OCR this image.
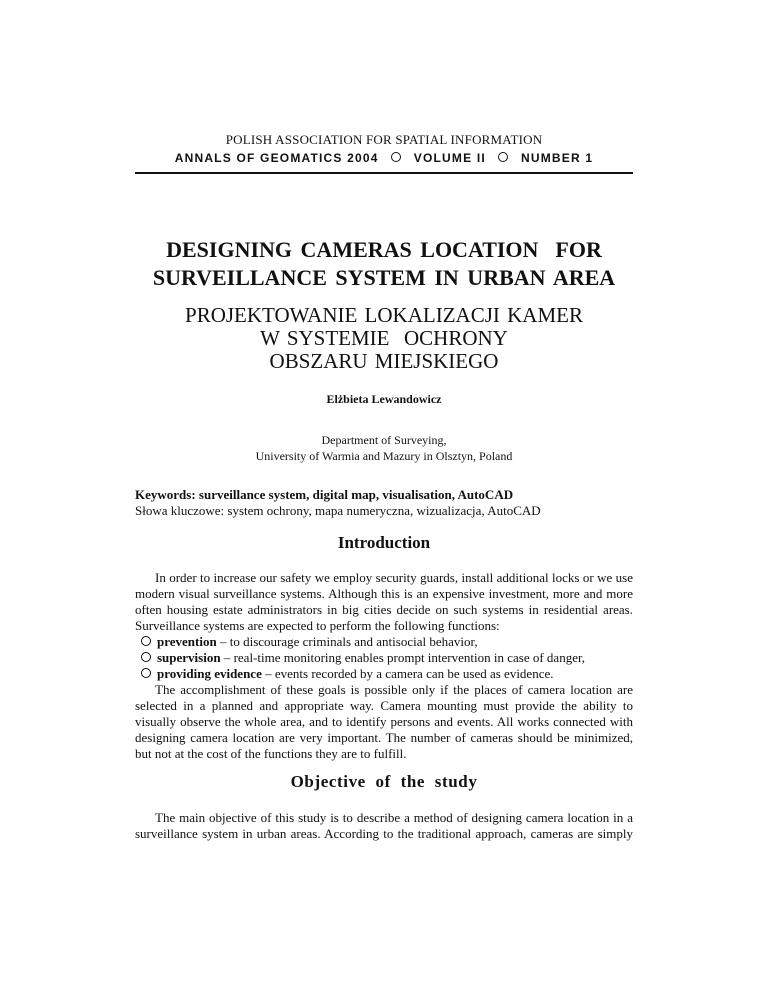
POLISH ASSOCIATION FOR SPATIAL INFORMATION
ANNALS OF GEOMATICS 2004	VOLUME II	NUMBER 1
DESIGNING CAMERAS LOCATION  FOR
SURVEILLANCE SYSTEM IN URBAN AREA
PROJEKTOWANIE LOKALIZACJI KAMER
W SYSTEMIE  OCHRONY
OBSZARU MIEJSKIEGO
Elżbieta Lewandowicz
Department of Surveying,
University of Warmia and Mazury in Olsztyn, Poland
Keywords: surveillance system, digital map, visualisation, AutoCAD
Słowa kluczowe: system ochrony, mapa numeryczna, wizualizacja, AutoCAD
Introduction
In order to increase our safety we employ security guards, install additional locks or we use
modern visual surveillance systems. Although this is an expensive investment, more and more
often housing estate administrators in big cities decide on such systems in residential areas.
Surveillance systems are expected to perform the following functions:
prevention – to discourage criminals and antisocial behavior,
supervision – real-time monitoring enables prompt intervention in case of danger,
providing evidence – events recorded by a camera can be used as evidence.
The accomplishment of these goals is possible only if the places of camera location are
selected in a planned and appropriate way. Camera mounting must provide the ability to
visually observe the whole area, and to identify persons and events. All works connected with
designing camera location are very important. The number of cameras should be minimized,
but not at the cost of the functions they are to fulfill.
Objective  of  the  study
The main objective of this study is to describe a method of designing camera location in a
surveillance system in urban areas. According to the traditional approach, cameras are simply
